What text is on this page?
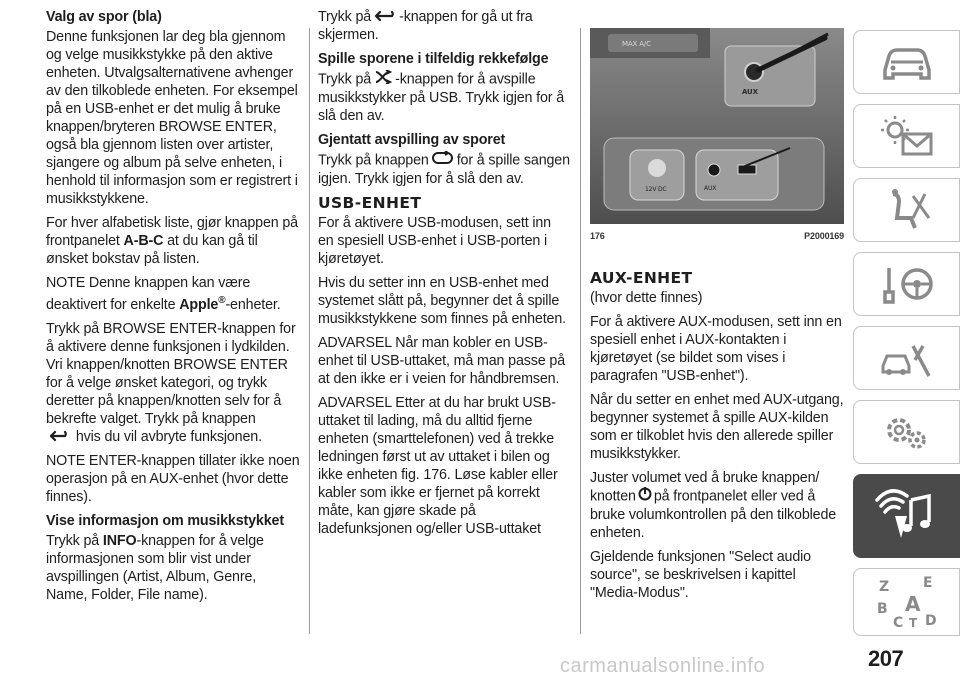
Valg av spor (bla)

Denne funksjonen lar deg bla gjennom og velge musikkstykke på den aktive enheten. Utvalgsalternativene avhenger av den tilkoblede enheten. For eksempel på en USB-enhet er det mulig å bruke knappen/bryteren BROWSE ENTER, også bla gjennom listen over artister, sjangere og album på selve enheten, i henhold til informasjon som er registrert i musikkstykkene.

For hver alfabetisk liste, gjør knappen på frontpanelet A-B-C at du kan gå til ønsket bokstav på listen.

NOTE Denne knappen kan være deaktivert for enkelte Apple®-enheter.

Trykk på BROWSE ENTER-knappen for å aktivere denne funksjonen i lydkilden. Vri knappen/knotten BROWSE ENTER for å velge ønsket kategori, og trykk deretter på knappen/knotten selv for å bekrefte valget. Trykk på knappen
hvis du vil avbryte funksjonen.

NOTE ENTER-knappen tillater ikke noen operasjon på en AUX-enhet (hvor dette finnes).

Vise informasjon om musikkstykket

Trykk på INFO-knappen for å velge informasjonen som blir vist under avspillingen (Artist, Album, Genre, Name, Folder, File name).

Trykk på -knappen for gå ut fra skjermen.

Spille sporene i tilfeldig rekkefølge

Trykk på -knappen for å avspille musikkstykker på USB. Trykk igjen for å slå den av.

Gjentatt avspilling av sporet

Trykk på knappen for å spille sangen igjen. Trykk igjen for å slå den av.

USB-ENHET

For å aktivere USB-modusen, sett inn en spesiell USB-enhet i USB-porten i kjøretøyet.

Hvis du setter inn en USB-enhet med systemet slått på, begynner det å spille musikkstykkene som finnes på enheten.

ADVARSEL Når man kobler en USB-enhet til USB-uttaket, må man passe på at den ikke er i veien for håndbremsen.

ADVARSEL Etter at du har brukt USB-uttaket til lading, må du alltid fjerne enheten (smarttelefonen) ved å trekke ledningen først ut av uttaket i bilen og ikke enheten fig. 176. Løse kabler eller kabler som ikke er fjernet på korrekt måte, kan gjøre skade på ladefunksjonen og/eller USB-uttaket

MAX A/C
AUX
12V DC	AUX
176	P2000169
AUX-ENHET

(hvor dette finnes)

For å aktivere AUX-modusen, sett inn en spesiell enhet i AUX-kontakten i kjøretøyet (se bildet som vises i paragrafen "USB-enhet").

Når du setter en enhet med AUX-utgang, begynner systemet å spille AUX-kilden som er tilkoblet hvis den allerede spiller musikkstykker.

Juster volumet ved å bruke knappen/ knotten på frontpanelet eller ved å bruke volumkontrollen på den tilkoblede enheten.

Gjeldende funksjonen "Select audio source", se beskrivelsen i kapittel "Media-Modus".	Z E
B A
C T D
carmanualsonline.info	207
